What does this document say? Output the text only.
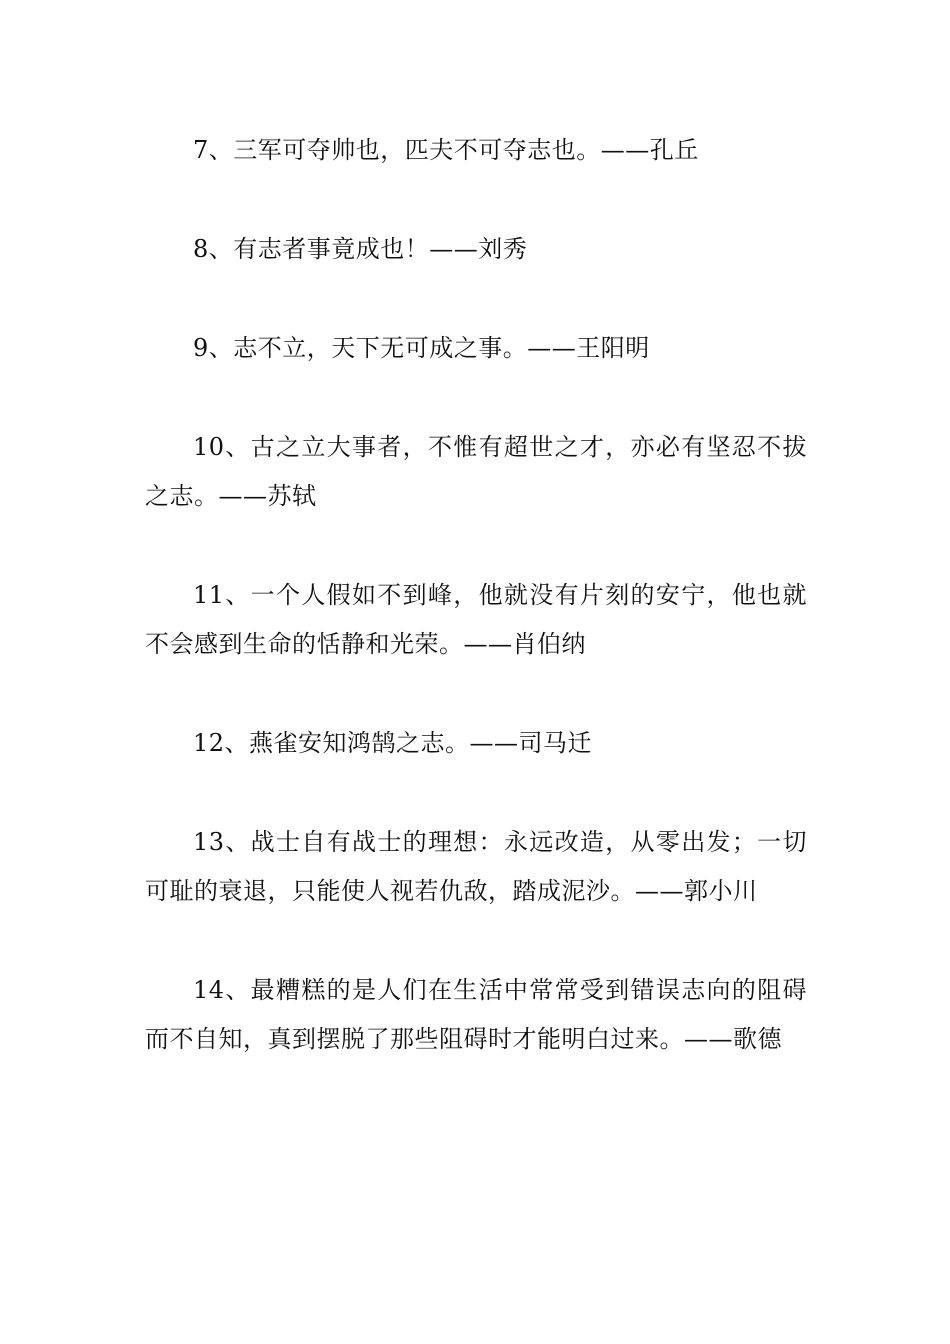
7、三军可夺帅也，匹夫不可夺志也。——孔丘

8、有志者事竟成也！——刘秀

9、志不立，天下无可成之事。——王阳明

10、古之立大事者，不惟有超世之才，亦必有坚忍不拔之志。——苏轼

11、一个人假如不到峰，他就没有片刻的安宁，他也就不会感到生命的恬静和光荣。——肖伯纳

12、燕雀安知鸿鹄之志。——司马迁

13、战士自有战士的理想：永远改造，从零出发；一切可耻的衰退，只能使人视若仇敌，踏成泥沙。——郭小川

14、最糟糕的是人们在生活中常常受到错误志向的阻碍而不自知，真到摆脱了那些阻碍时才能明白过来。——歌德
